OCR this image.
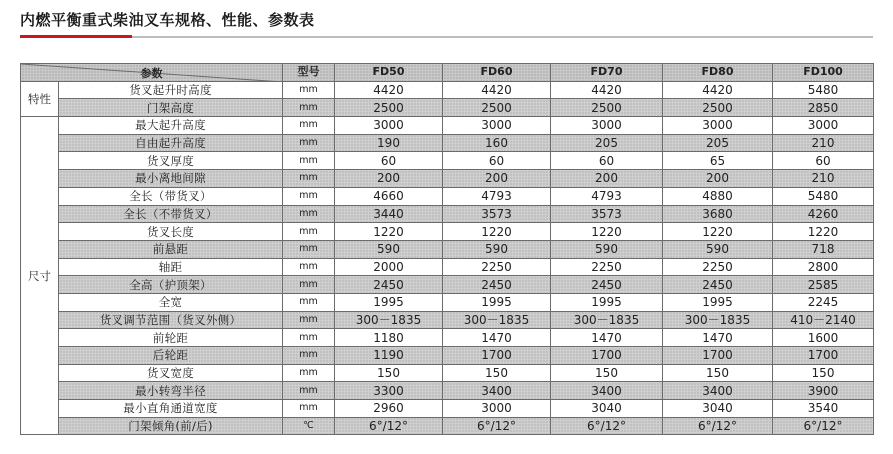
内燃平衡重式柴油叉车规格、性能、参数表
参数		型号	FD50	FD60	FD70	FD80	FD100
特性	货叉起升时高度	mm	4420	4420	4420	4420	5480
	门架高度	mm	2500	2500	2500	2500	2850
尺寸	最大起升高度	mm	3000	3000	3000	3000	3000
	自由起升高度	mm	190	160	205	205	210
	货叉厚度	mm	60	60	60	65	60
	最小离地间隙	mm	200	200	200	200	210
	全长（带货叉）	mm	4660	4793	4793	4880	5480
	全长（不带货叉）	mm	3440	3573	3573	3680	4260
	货叉长度	mm	1220	1220	1220	1220	1220
	前悬距	mm	590	590	590	590	718
	轴距	mm	2000	2250	2250	2250	2800
	全高（护顶架）	mm	2450	2450	2450	2450	2585
	全宽	mm	1995	1995	1995	1995	2245
	货叉调节范围（货叉外侧）	mm	300－1835	300－1835	300－1835	300－1835	410－2140
	前轮距	mm	1180	1470	1470	1470	1600
	后轮距	mm	1190	1700	1700	1700	1700
	货叉宽度	mm	150	150	150	150	150
	最小转弯半径	mm	3300	3400	3400	3400	3900
	最小直角通道宽度	mm	2960	3000	3040	3040	3540
	门架倾角(前/后)	℃	6°/12°	6°/12°	6°/12°	6°/12°	6°/12°
